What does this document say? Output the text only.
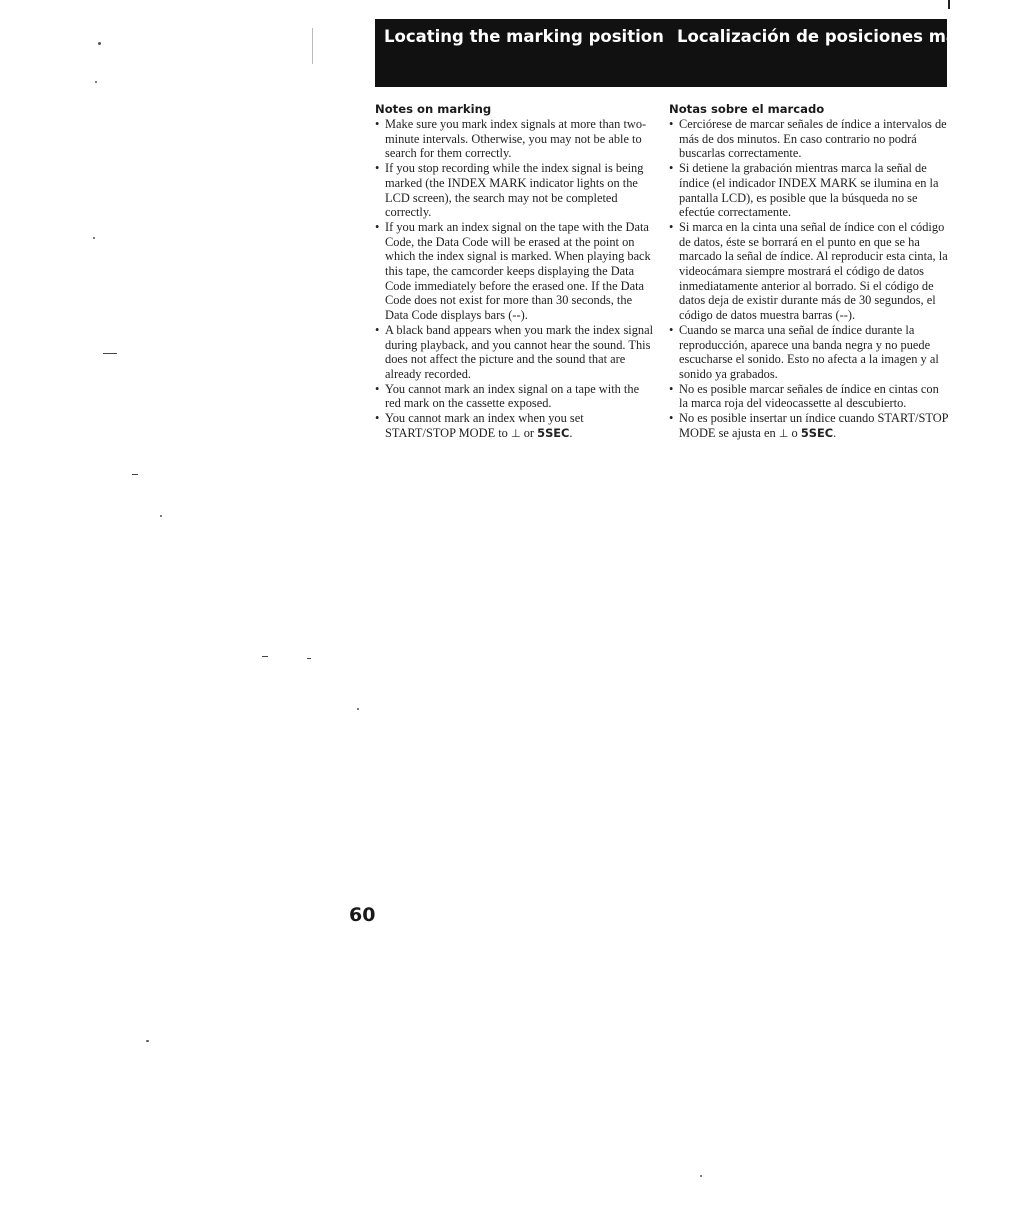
Locating the marking position Localización de posiciones marcadas

Notes on marking

• Make sure you mark index signals at more than two-minute intervals. Otherwise, you may not be able to search for them correctly.
• If you stop recording while the index signal is being marked (the INDEX MARK indicator lights on the LCD screen), the search may not be completed correctly.
• If you mark an index signal on the tape with the Data Code, the Data Code will be erased at the point on which the index signal is marked. When playing back this tape, the camcorder keeps displaying the Data Code immediately before the erased one. If the Data Code does not exist for more than 30 seconds, the Data Code displays bars (--).
• A black band appears when you mark the index signal during playback, and you cannot hear the sound. This does not affect the picture and the sound that are already recorded.
• You cannot mark an index signal on a tape with the red mark on the cassette exposed.
• You cannot mark an index when you set START/STOP MODE to ⊥ or 5SEC.

Notas sobre el marcado

• Cerciórese de marcar señales de índice a intervalos de más de dos minutos. En caso contrario no podrá buscarlas correctamente.
• Si detiene la grabación mientras marca la señal de índice (el indicador INDEX MARK se ilumina en la pantalla LCD), es posible que la búsqueda no se efectúe correctamente.
• Si marca en la cinta una señal de índice con el código de datos, éste se borrará en el punto en que se ha marcado la señal de índice. Al reproducir esta cinta, la videocámara siempre mostrará el código de datos inmediatamente anterior al borrado. Si el código de datos deja de existir durante más de 30 segundos, el código de datos muestra barras (--).
• Cuando se marca una señal de índice durante la reproducción, aparece una banda negra y no puede escucharse el sonido. Esto no afecta a la imagen y al sonido ya grabados.
• No es posible marcar señales de índice en cintas con la marca roja del videocassette al descubierto.
• No es posible insertar un índice cuando START/STOP MODE se ajusta en ⊥ o 5SEC.

60
